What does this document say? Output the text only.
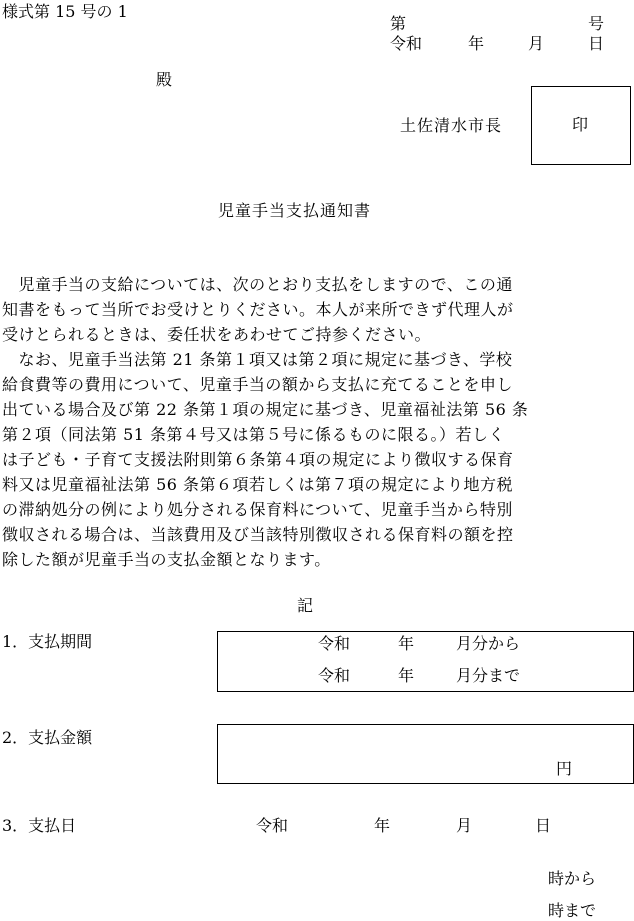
様式第 15 号の 1
第	号
令和	年	月	日
殿
土佐清水市長	印
児童手当支払通知書
　児童手当の支給については、次のとおり支払をしますので、この通
知書をもって当所でお受けとりください。本人が来所できず代理人が
受けとられるときは、委任状をあわせてご持参ください。
　なお、児童手当法第 21 条第１項又は第２項に規定に基づき、学校
給食費等の費用について、児童手当の額から支払に充てることを申し
出ている場合及び第 22 条第１項の規定に基づき、児童福祉法第 56 条
第２項（同法第 51 条第４号又は第５号に係るものに限る。）若しく
は子ども・子育て支援法附則第６条第４項の規定により徴収する保育
料又は児童福祉法第 56 条第６項若しくは第７項の規定により地方税
の滞納処分の例により処分される保育料について、児童手当から特別
徴収される場合は、当該費用及び当該特別徴収される保育料の額を控
除した額が児童手当の支払金額となります。
記
1．支払期間	令和	年	月分から
令和	年	月分まで
2．支払金額
円
3．支払日	令和	年	月	日
時から
時まで
